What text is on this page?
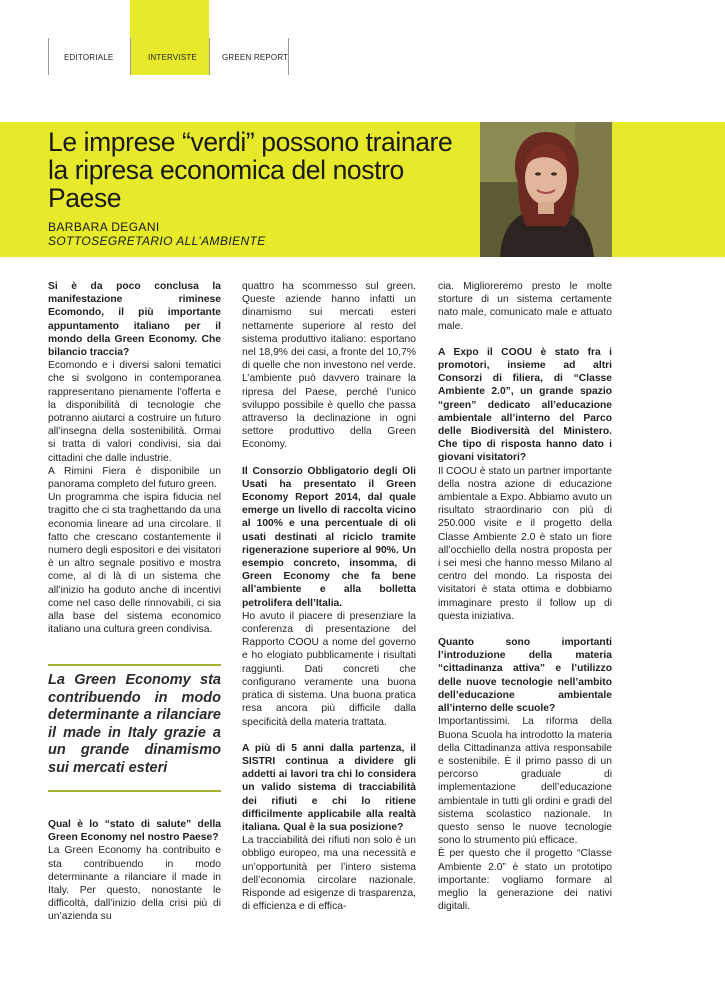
EDITORIALE	INTERVISTE	GREEN REPORT
Le imprese “verdi” possono trainare
la ripresa economica del nostro Paese
BARBARA DEGANI
SOTTOSEGRETARIO ALL’AMBIENTE

Si è da poco conclusa la manifestazione riminese Ecomondo, il più importante appuntamento italiano per il mondo della Green Economy. Che bilancio traccia?

Ecomondo e i diversi saloni tematici che si svolgono in contemporanea rappresentano pienamente l’offerta e la disponibilità di tecnologie che potranno aiutarci a costruire un futuro all’insegna della sostenibilità. Ormai si tratta di valori condivisi, sia dai cittadini che dalle industrie.

A Rimini Fiera è disponibile un panorama completo del futuro green.

Un programma che ispira fiducia nel tragitto che ci sta traghettando da una economia lineare ad una circolare. Il fatto che crescano costantemente il numero degli espositori e dei visitatori è un altro segnale positivo e mostra come, al di là di un sistema che all’inizio ha goduto anche di incentivi come nel caso delle rinnovabili, ci sia alla base del sistema economico italiano una cultura green condivisa.

La Green Economy sta contribuendo in modo determinante a rilanciare il made in Italy grazie a un grande dinamismo sui mercati esteri

Qual è lo “stato di salute” della Green Economy nel nostro Paese?

La Green Economy ha contribuito e sta contribuendo in modo determinante a rilanciare il made in Italy. Per questo, nonostante le difficoltà, dall’inizio della crisi più di un’azienda su

quattro ha scommesso sul green. Queste aziende hanno infatti un dinamismo sui mercati esteri nettamente superiore al resto del sistema produttivo italiano: esportano nel 18,9% dei casi, a fronte del 10,7% di quelle che non investono nel verde. L’ambiente può davvero trainare la ripresa del Paese, perché l’unico sviluppo possibile è quello che passa attraverso la declinazione in ogni settore produttivo della Green Economy.

Il Consorzio Obbligatorio degli Oli Usati ha presentato il Green Economy Report 2014, dal quale emerge un livello di raccolta vicino al 100% e una percentuale di oli usati destinati al riciclo tramite rigenerazione superiore al 90%. Un esempio concreto, insomma, di Green Economy che fa bene all’ambiente e alla bolletta petrolifera dell’Italia.

Ho avuto il piacere di presenziare la conferenza di presentazione del Rapporto COOU a nome del governo e ho elogiato pubblicamente i risultati raggiunti. Dati concreti che configurano veramente una buona pratica di sistema. Una buona pratica resa ancora più difficile dalla specificità della materia trattata.

A più di 5 anni dalla partenza, il SISTRI continua a dividere gli addetti ai lavori tra chi lo considera un valido sistema di tracciabilità dei rifiuti e chi lo ritiene difficilmente applicabile alla realtà italiana. Qual è la sua posizione?

La tracciabilità dei rifiuti non solo è un obbligo europeo, ma una necessità e un’opportunità per l’intero sistema dell’economia circolare nazionale. Risponde ad esigenze di trasparenza, di efficienza e di effica-

cia. Miglioreremo presto le molte storture di un sistema certamente nato male, comunicato male e attuato male.

A Expo il COOU è stato fra i promotori, insieme ad altri Consorzi di filiera, di “Classe Ambiente 2.0”, un grande spazio “green” dedicato all’educazione ambientale all’interno del Parco delle Biodiversità del Ministero. Che tipo di risposta hanno dato i giovani visitatori?

Il COOU è stato un partner importante della nostra azione di educazione ambientale a Expo. Abbiamo avuto un risultato straordinario con più di 250.000 visite e il progetto della Classe Ambiente 2.0 è stato un fiore all’occhiello della nostra proposta per i sei mesi che hanno messo Milano al centro del mondo. La risposta dei visitatori è stata ottima e dobbiamo immaginare presto il follow up di questa iniziativa.

Quanto sono importanti l’introduzione della materia “cittadinanza attiva” e l’utilizzo delle nuove tecnologie nell’ambito dell’educazione ambientale all’interno delle scuole?

Importantissimi. La riforma della Buona Scuola ha introdotto la materia della Cittadinanza attiva responsabile e sostenibile. È il primo passo di un percorso graduale di implementazione dell’educazione ambientale in tutti gli ordini e gradi del sistema scolastico nazionale. In questo senso le nuove tecnologie sono lo strumento più efficace.

È per questo che il progetto “Classe Ambiente 2.0” è stato un prototipo importante: vogliamo formare al meglio la generazione dei nativi digitali.
